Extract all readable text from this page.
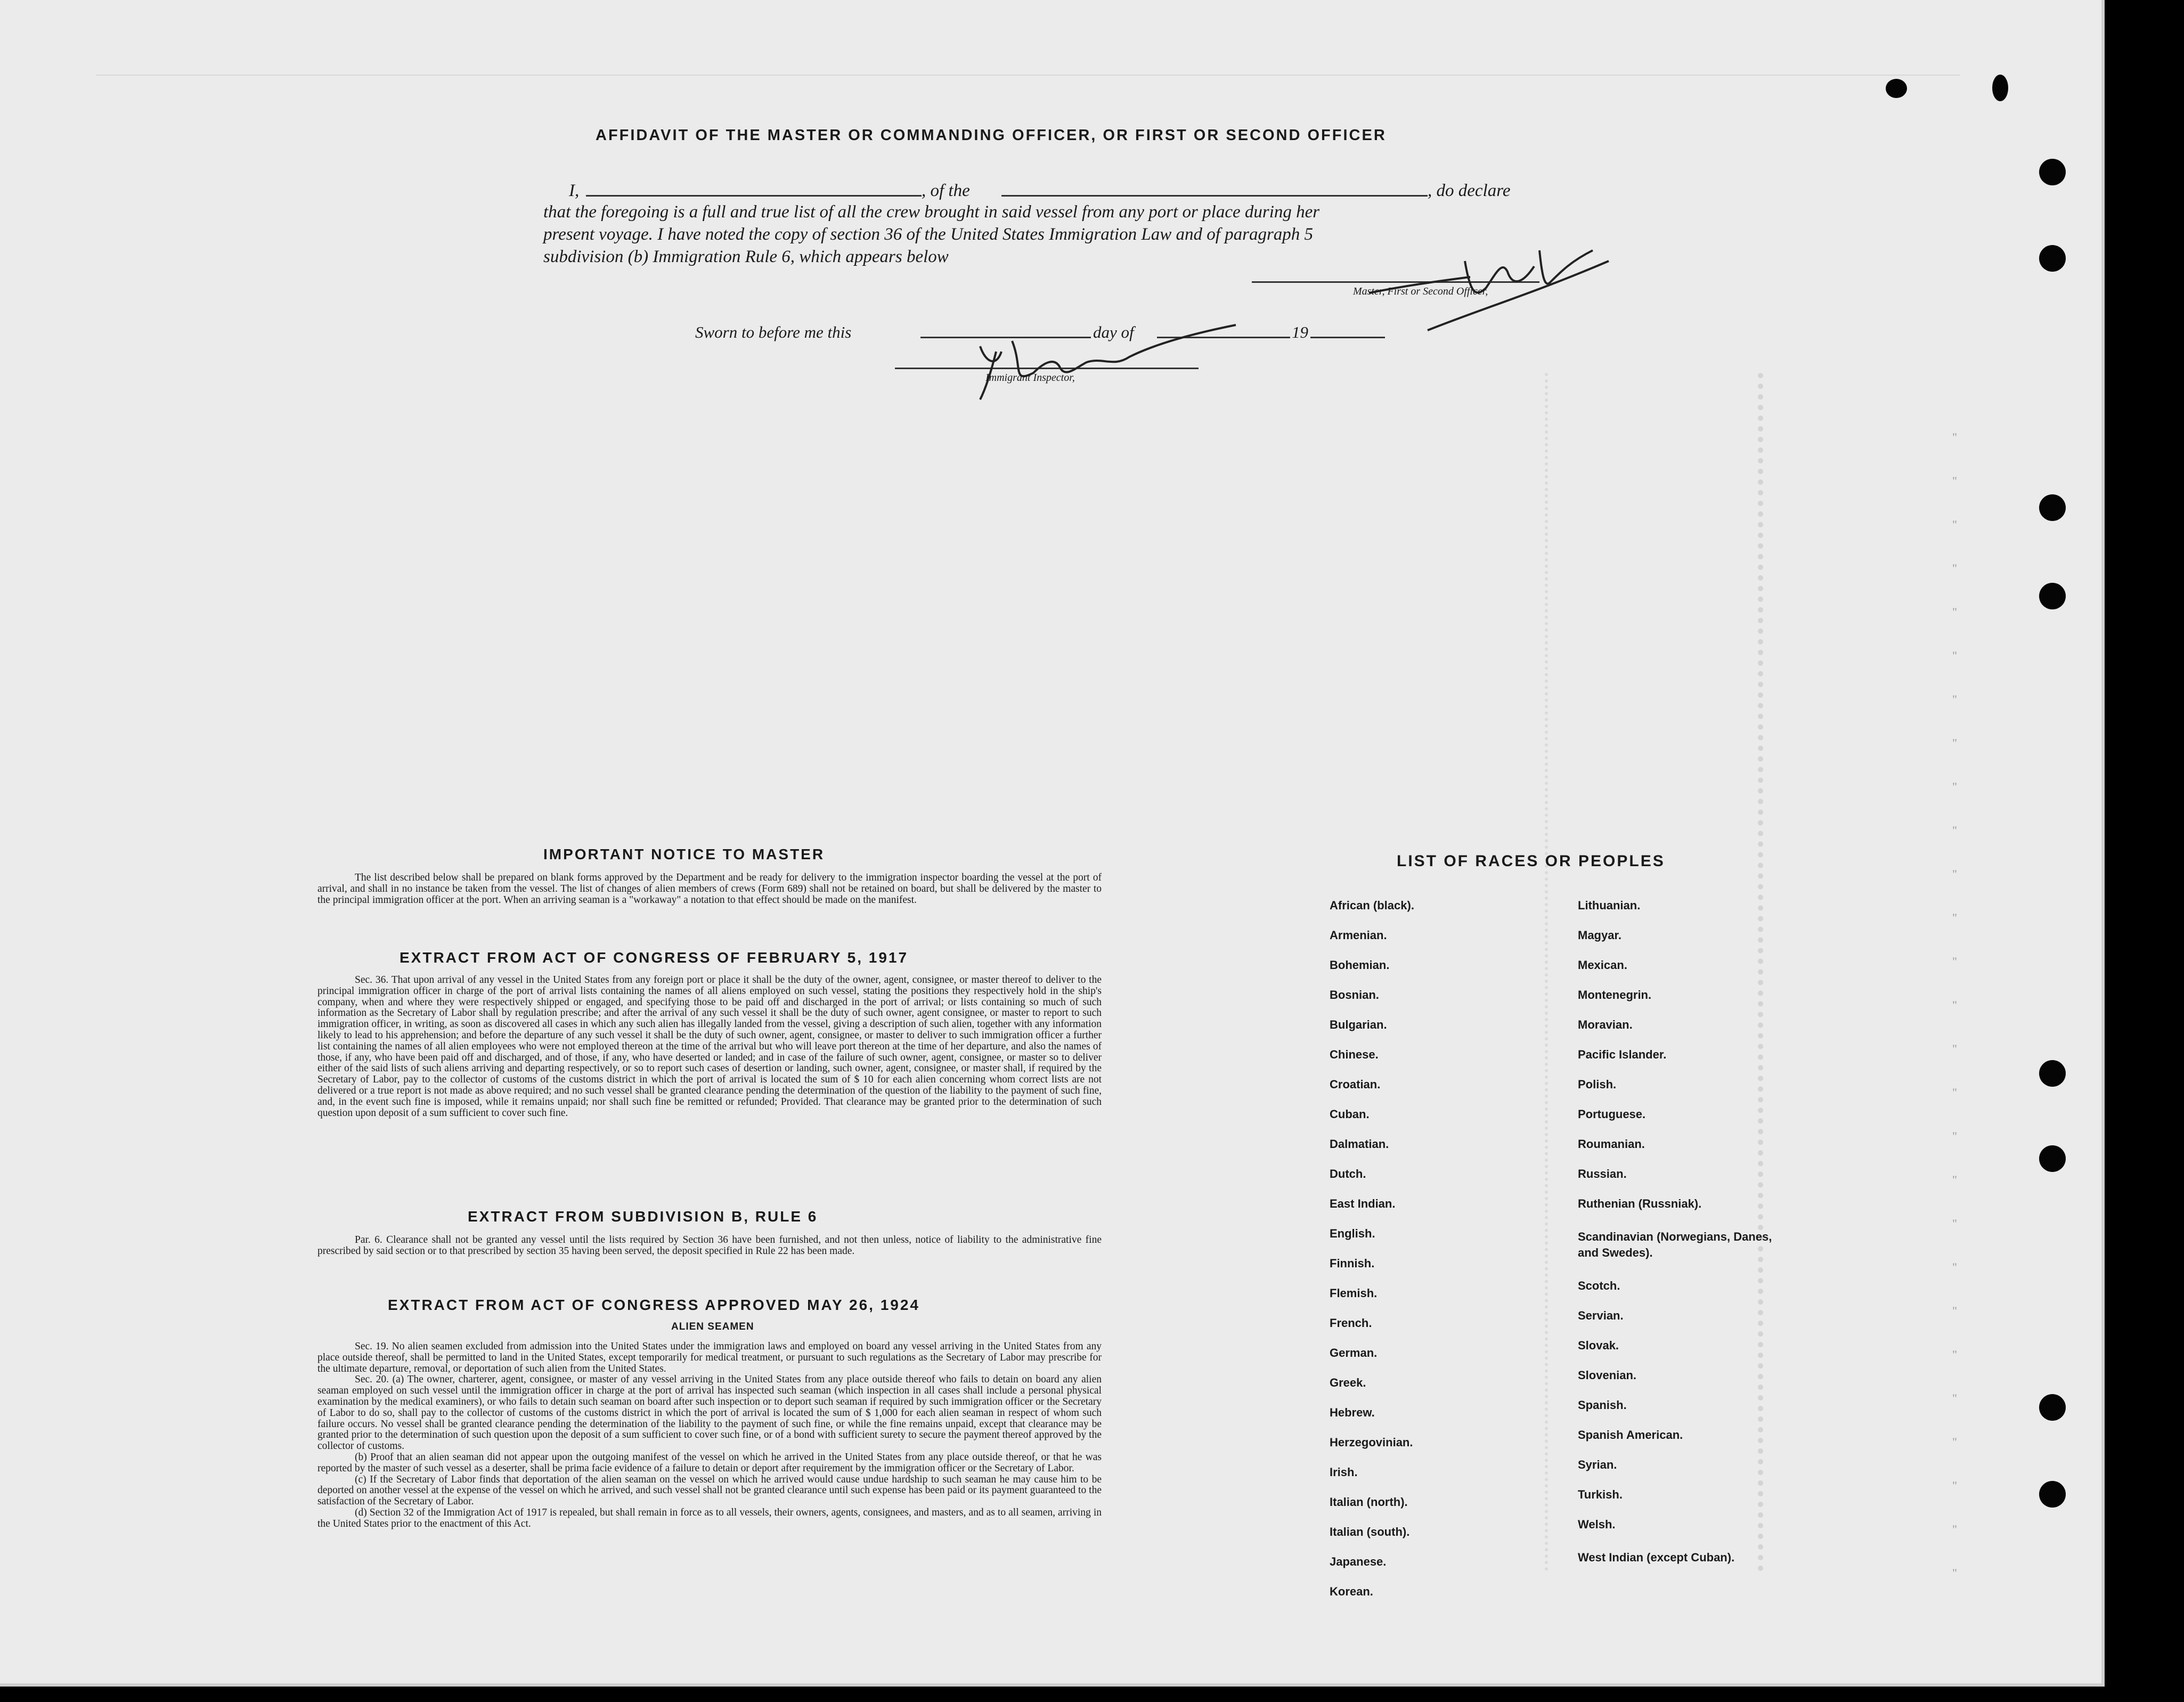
"
"
"
"
"
"
"
"
"
"
"
"
"
"
"
"
"
"
"
"
"
"
"
"
"
"
"
AFFIDAVIT OF THE MASTER OR COMMANDING OFFICER, OR FIRST OR SECOND OFFICER
I,	, of the	, do declare
that the foregoing is a full and true list of all the crew brought in said vessel from any port or place during her
present voyage. I have noted the copy of section 36 of the United States Immigration Law and of paragraph 5
subdivision (b) Immigration Rule 6, which appears below
Master, First or Second Officer,
Sworn to before me this	day of	19
Immigrant Inspector,
IMPORTANT NOTICE TO MASTER

The list described below shall be prepared on blank forms approved by the Department and be ready for delivery to the immigration inspector boarding the vessel at the port of arrival, and shall in no instance be taken from the vessel. The list of changes of alien members of crews (Form 689) shall not be retained on board, but shall be delivered by the master to the principal immigration officer at the port. When an arriving seaman is a "workaway" a notation to that effect should be made on the manifest.

EXTRACT FROM ACT OF CONGRESS OF FEBRUARY 5, 1917

Sec. 36. That upon arrival of any vessel in the United States from any foreign port or place it shall be the duty of the owner, agent, consignee, or master thereof to deliver to the principal immigration officer in charge of the port of arrival lists containing the names of all aliens employed on such vessel, stating the positions they respectively hold in the ship's company, when and where they were respectively shipped or engaged, and specifying those to be paid off and discharged in the port of arrival; or lists containing so much of such information as the Secretary of Labor shall by regulation prescribe; and after the arrival of any such vessel it shall be the duty of such owner, agent consignee, or master to report to such immigration officer, in writing, as soon as discovered all cases in which any such alien has illegally landed from the vessel, giving a description of such alien, together with any information likely to lead to his apprehension; and before the departure of any such vessel it shall be the duty of such owner, agent, consignee, or master to deliver to such immigration officer a further list containing the names of all alien employees who were not employed thereon at the time of the arrival but who will leave port thereon at the time of her departure, and also the names of those, if any, who have been paid off and discharged, and of those, if any, who have deserted or landed; and in case of the failure of such owner, agent, consignee, or master so to deliver either of the said lists of such aliens arriving and departing respectively, or so to report such cases of desertion or landing, such owner, agent, consignee, or master shall, if required by the Secretary of Labor, pay to the collector of customs of the customs district in which the port of arrival is located the sum of $ 10 for each alien concerning whom correct lists are not delivered or a true report is not made as above required; and no such vessel shall be granted clearance pending the determination of the question of the liability to the payment of such fine, and, in the event such fine is imposed, while it remains unpaid; nor shall such fine be remitted or refunded; Provided. That clearance may be granted prior to the determination of such question upon deposit of a sum sufficient to cover such fine.

EXTRACT FROM SUBDIVISION B, RULE 6

Par. 6. Clearance shall not be granted any vessel until the lists required by Section 36 have been furnished, and not then unless, notice of liability to the administrative fine prescribed by said section or to that prescribed by section 35 having been served, the deposit specified in Rule 22 has been made.

EXTRACT FROM ACT OF CONGRESS APPROVED MAY 26, 1924
ALIEN SEAMEN

Sec. 19. No alien seamen excluded from admission into the United States under the immigration laws and employed on board any vessel arriving in the United States from any place outside thereof, shall be permitted to land in the United States, except temporarily for medical treatment, or pursuant to such regulations as the Secretary of Labor may prescribe for the ultimate departure, removal, or deportation of such alien from the United States.

Sec. 20. (a) The owner, charterer, agent, consignee, or master of any vessel arriving in the United States from any place outside thereof who fails to detain on board any alien seaman employed on such vessel until the immigration officer in charge at the port of arrival has inspected such seaman (which inspection in all cases shall include a personal physical examination by the medical examiners), or who fails to detain such seaman on board after such inspection or to deport such seaman if required by such immigration officer or the Secretary of Labor to do so, shall pay to the collector of customs of the customs district in which the port of arrival is located the sum of $ 1,000 for each alien seaman in respect of whom such failure occurs. No vessel shall be granted clearance pending the determination of the liability to the payment of such fine, or while the fine remains unpaid, except that clearance may be granted prior to the determination of such question upon the deposit of a sum sufficient to cover such fine, or of a bond with sufficient surety to secure the payment thereof approved by the collector of customs.

(b) Proof that an alien seaman did not appear upon the outgoing manifest of the vessel on which he arrived in the United States from any place outside thereof, or that he was reported by the master of such vessel as a deserter, shall be prima facie evidence of a failure to detain or deport after requirement by the immigration officer or the Secretary of Labor.

(c) If the Secretary of Labor finds that deportation of the alien seaman on the vessel on which he arrived would cause undue hardship to such seaman he may cause him to be deported on another vessel at the expense of the vessel on which he arrived, and such vessel shall not be granted clearance until such expense has been paid or its payment guaranteed to the satisfaction of the Secretary of Labor.

(d) Section 32 of the Immigration Act of 1917 is repealed, but shall remain in force as to all vessels, their owners, agents, consignees, and masters, and as to all seamen, arriving in the United States prior to the enactment of this Act.

LIST OF RACES OR PEOPLES
African (black).
Armenian.
Bohemian.
Bosnian.
Bulgarian.
Chinese.
Croatian.
Cuban.
Dalmatian.
Dutch.
East Indian.
English.
Finnish.
Flemish.
French.
German.
Greek.
Hebrew.
Herzegovinian.
Irish.
Italian (north).
Italian (south).
Japanese.
Korean.
Lithuanian.
Magyar.
Mexican.
Montenegrin.
Moravian.
Pacific Islander.
Polish.
Portuguese.
Roumanian.
Russian.
Ruthenian (Russniak).
Scandinavian (Norwegians, Danes, and Swedes).
Scotch.
Servian.
Slovak.
Slovenian.
Spanish.
Spanish American.
Syrian.
Turkish.
Welsh.
West Indian (except Cuban).
